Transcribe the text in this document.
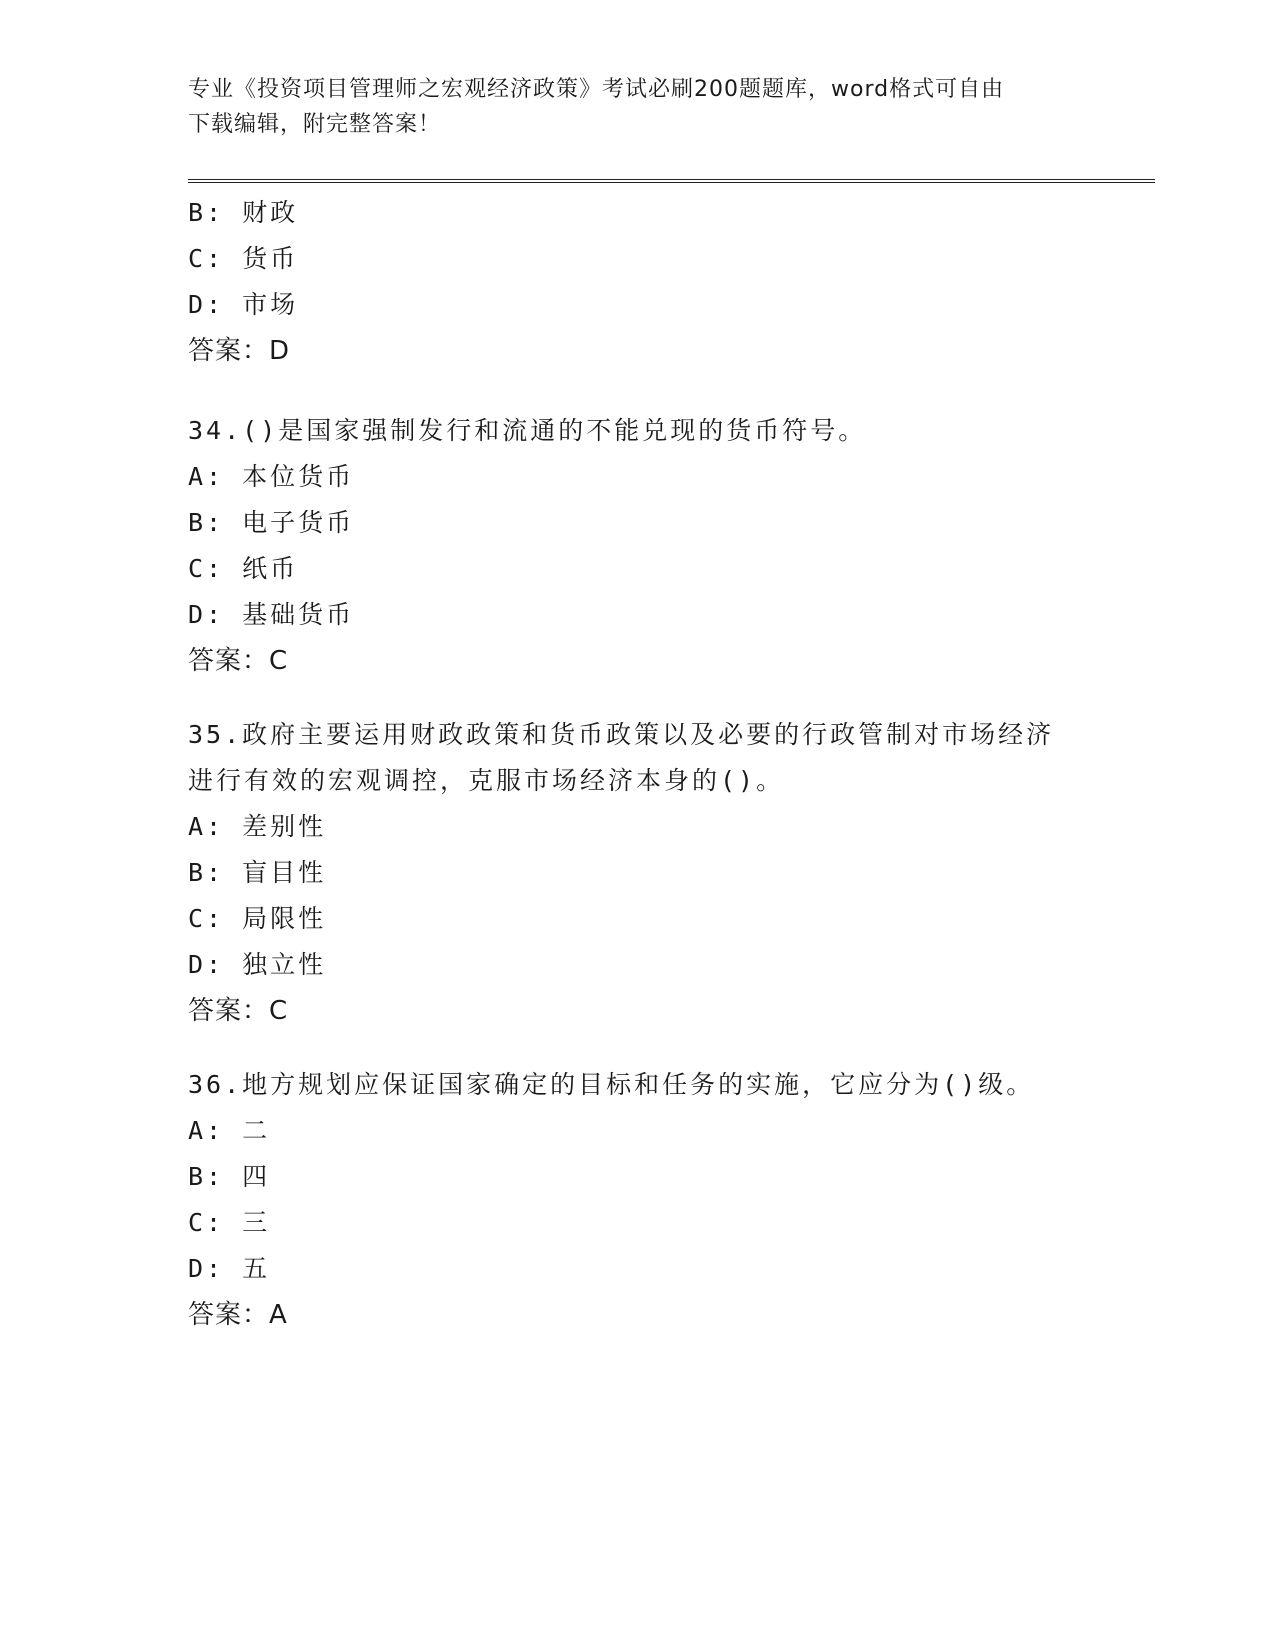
专业《投资项目管理师之宏观经济政策》考试必刷200题题库，word格式可自由
下载编辑，附完整答案！
B: 财政
C: 货币
D: 市场
答案：D
34.()是国家强制发行和流通的不能兑现的货币符号。
A: 本位货币
B: 电子货币
C: 纸币
D: 基础货币
答案：C
35.政府主要运用财政政策和货币政策以及必要的行政管制对市场经济
进行有效的宏观调控，克服市场经济本身的()。
A: 差别性
B: 盲目性
C: 局限性
D: 独立性
答案：C
36.地方规划应保证国家确定的目标和任务的实施，它应分为()级。
A: 二
B: 四
C: 三
D: 五
答案：A
